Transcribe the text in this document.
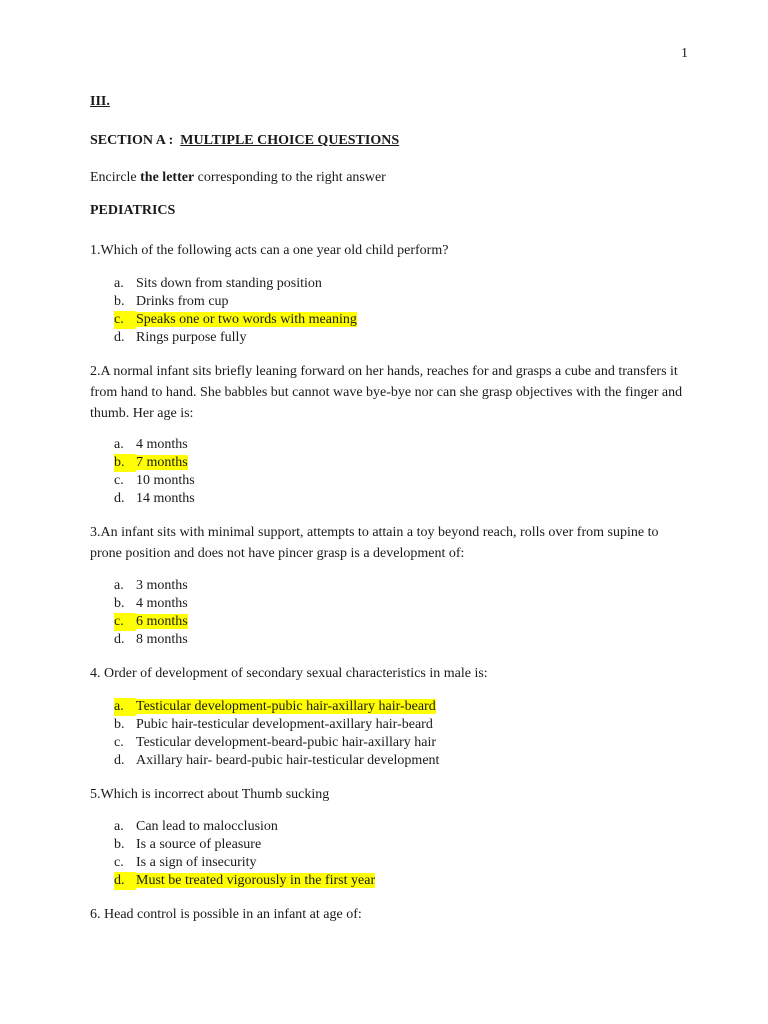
1
III.
SECTION A : MULTIPLE CHOICE QUESTIONS
Encircle the letter corresponding to the right answer
PEDIATRICS
1.Which of the following acts can a one year old child perform?
a. Sits down from standing position
b. Drinks from cup
c. Speaks one or two words with meaning
d. Rings purpose fully
2.A normal infant sits briefly leaning forward on her hands, reaches for and grasps a cube and transfers it from hand to hand. She babbles but cannot wave bye-bye nor can she grasp objectives with the finger and thumb. Her age is:
a. 4 months
b. 7 months
c. 10 months
d. 14 months
3.An infant sits with minimal support, attempts to attain a toy beyond reach, rolls over from supine to prone position and does not have pincer grasp is a development of:
a. 3 months
b. 4 months
c. 6 months
d. 8 months
4. Order of development of secondary sexual characteristics in male is:
a. Testicular development-pubic hair-axillary hair-beard
b. Pubic hair-testicular development-axillary hair-beard
c. Testicular development-beard-pubic hair-axillary hair
d. Axillary hair- beard-pubic hair-testicular development
5.Which is incorrect about Thumb sucking
a. Can lead to malocclusion
b. Is a source of pleasure
c. Is a sign of insecurity
d. Must be treated vigorously in the first year
6. Head control is possible in an infant at age of:
